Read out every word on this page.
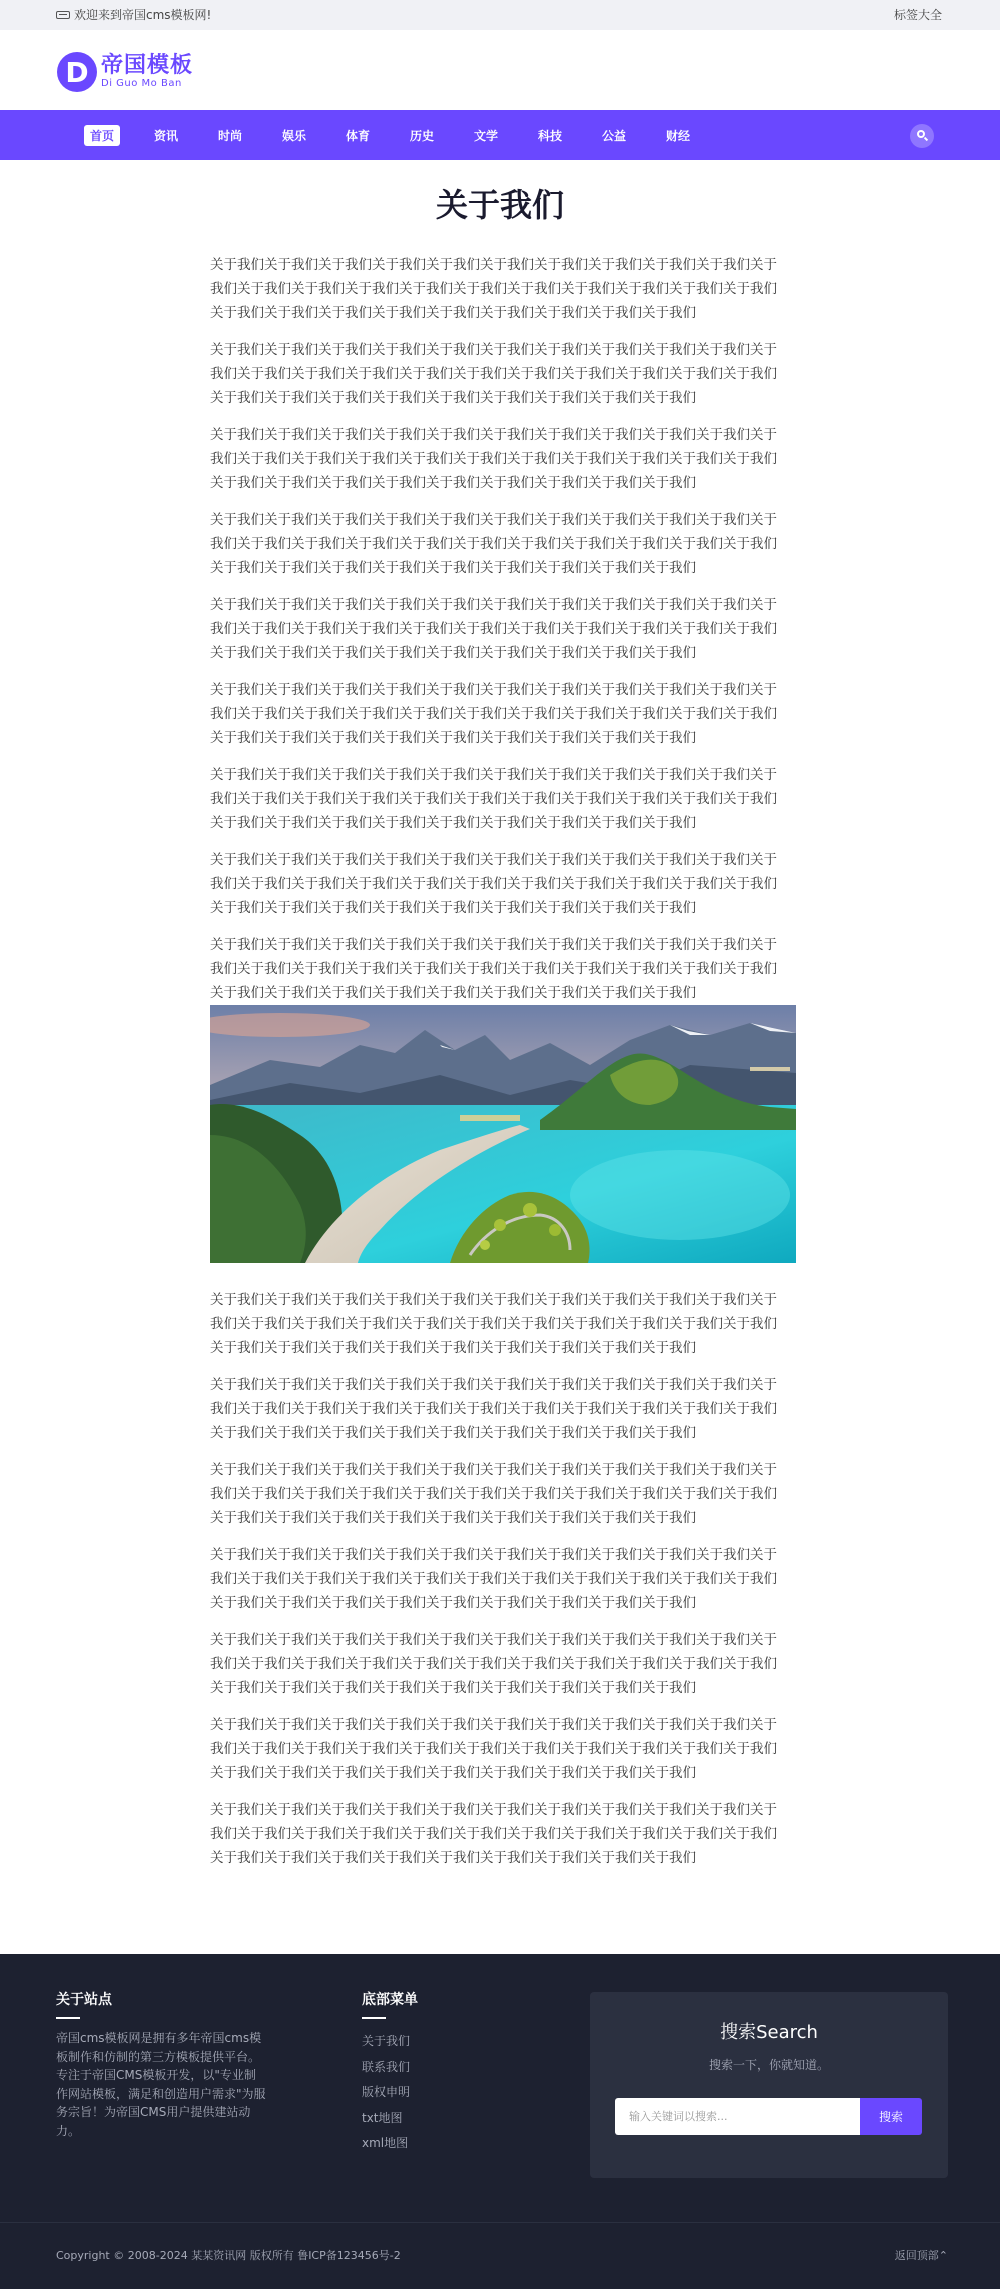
欢迎来到帝国cms模板网!	标签大全
D 帝国模板
Di Guo Mo Ban
首页	资讯	时尚	娱乐	体育	历史	文学	科技	公益	财经
关于我们

关于我们关于我们关于我们关于我们关于我们关于我们关于我们关于我们关于我们关于我们关于我们关于我们关于我们关于我们关于我们关于我们关于我们关于我们关于我们关于我们关于我们关于我们关于我们关于我们关于我们关于我们关于我们关于我们关于我们关于我们

关于我们关于我们关于我们关于我们关于我们关于我们关于我们关于我们关于我们关于我们关于我们关于我们关于我们关于我们关于我们关于我们关于我们关于我们关于我们关于我们关于我们关于我们关于我们关于我们关于我们关于我们关于我们关于我们关于我们关于我们

关于我们关于我们关于我们关于我们关于我们关于我们关于我们关于我们关于我们关于我们关于我们关于我们关于我们关于我们关于我们关于我们关于我们关于我们关于我们关于我们关于我们关于我们关于我们关于我们关于我们关于我们关于我们关于我们关于我们关于我们

关于我们关于我们关于我们关于我们关于我们关于我们关于我们关于我们关于我们关于我们关于我们关于我们关于我们关于我们关于我们关于我们关于我们关于我们关于我们关于我们关于我们关于我们关于我们关于我们关于我们关于我们关于我们关于我们关于我们关于我们

关于我们关于我们关于我们关于我们关于我们关于我们关于我们关于我们关于我们关于我们关于我们关于我们关于我们关于我们关于我们关于我们关于我们关于我们关于我们关于我们关于我们关于我们关于我们关于我们关于我们关于我们关于我们关于我们关于我们关于我们

关于我们关于我们关于我们关于我们关于我们关于我们关于我们关于我们关于我们关于我们关于我们关于我们关于我们关于我们关于我们关于我们关于我们关于我们关于我们关于我们关于我们关于我们关于我们关于我们关于我们关于我们关于我们关于我们关于我们关于我们

关于我们关于我们关于我们关于我们关于我们关于我们关于我们关于我们关于我们关于我们关于我们关于我们关于我们关于我们关于我们关于我们关于我们关于我们关于我们关于我们关于我们关于我们关于我们关于我们关于我们关于我们关于我们关于我们关于我们关于我们

关于我们关于我们关于我们关于我们关于我们关于我们关于我们关于我们关于我们关于我们关于我们关于我们关于我们关于我们关于我们关于我们关于我们关于我们关于我们关于我们关于我们关于我们关于我们关于我们关于我们关于我们关于我们关于我们关于我们关于我们

关于我们关于我们关于我们关于我们关于我们关于我们关于我们关于我们关于我们关于我们关于我们关于我们关于我们关于我们关于我们关于我们关于我们关于我们关于我们关于我们关于我们关于我们关于我们关于我们关于我们关于我们关于我们关于我们关于我们关于我们

关于我们关于我们关于我们关于我们关于我们关于我们关于我们关于我们关于我们关于我们关于我们关于我们关于我们关于我们关于我们关于我们关于我们关于我们关于我们关于我们关于我们关于我们关于我们关于我们关于我们关于我们关于我们关于我们关于我们关于我们

关于我们关于我们关于我们关于我们关于我们关于我们关于我们关于我们关于我们关于我们关于我们关于我们关于我们关于我们关于我们关于我们关于我们关于我们关于我们关于我们关于我们关于我们关于我们关于我们关于我们关于我们关于我们关于我们关于我们关于我们

关于我们关于我们关于我们关于我们关于我们关于我们关于我们关于我们关于我们关于我们关于我们关于我们关于我们关于我们关于我们关于我们关于我们关于我们关于我们关于我们关于我们关于我们关于我们关于我们关于我们关于我们关于我们关于我们关于我们关于我们

关于我们关于我们关于我们关于我们关于我们关于我们关于我们关于我们关于我们关于我们关于我们关于我们关于我们关于我们关于我们关于我们关于我们关于我们关于我们关于我们关于我们关于我们关于我们关于我们关于我们关于我们关于我们关于我们关于我们关于我们

关于我们关于我们关于我们关于我们关于我们关于我们关于我们关于我们关于我们关于我们关于我们关于我们关于我们关于我们关于我们关于我们关于我们关于我们关于我们关于我们关于我们关于我们关于我们关于我们关于我们关于我们关于我们关于我们关于我们关于我们

关于我们关于我们关于我们关于我们关于我们关于我们关于我们关于我们关于我们关于我们关于我们关于我们关于我们关于我们关于我们关于我们关于我们关于我们关于我们关于我们关于我们关于我们关于我们关于我们关于我们关于我们关于我们关于我们关于我们关于我们

关于我们关于我们关于我们关于我们关于我们关于我们关于我们关于我们关于我们关于我们关于我们关于我们关于我们关于我们关于我们关于我们关于我们关于我们关于我们关于我们关于我们关于我们关于我们关于我们关于我们关于我们关于我们关于我们关于我们关于我们

关于站点
帝国cms模板网是拥有多年帝国cms模板制作和仿制的第三方模板提供平台。专注于帝国CMS模板开发，以"专业制作网站模板，满足和创造用户需求"为服务宗旨！为帝国CMS用户提供建站动力。
底部菜单
关于我们
联系我们
版权申明
txt地图
xml地图
搜索Search
搜索一下，你就知道。
输入关键词以搜索...
搜索
Copyright © 2008-2024 某某资讯网 版权所有 鲁ICP备123456号-2	返回顶部⌃
